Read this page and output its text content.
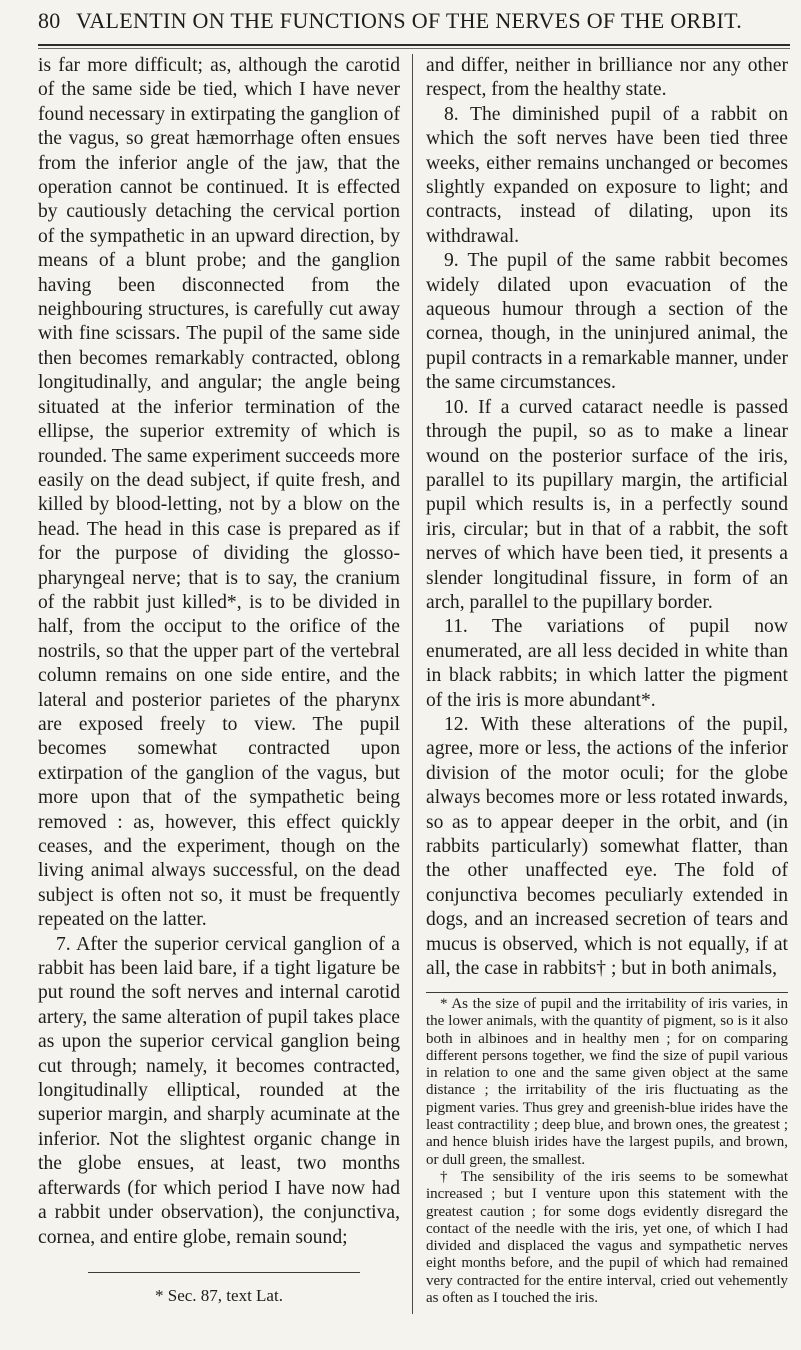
80 VALENTIN ON THE FUNCTIONS OF THE NERVES OF THE ORBIT.

is far more difficult; as, although the carotid of the same side be tied, which I have never found necessary in extirpating the ganglion of the vagus, so great hæmorrhage often ensues from the inferior angle of the jaw, that the operation cannot be continued. It is effected by cautiously detaching the cervical portion of the sympathetic in an upward direction, by means of a blunt probe; and the ganglion having been disconnected from the neighbouring structures, is carefully cut away with fine scissars. The pupil of the same side then becomes remarkably contracted, oblong longitudinally, and angular; the angle being situated at the inferior termination of the ellipse, the superior extremity of which is rounded. The same experiment succeeds more easily on the dead subject, if quite fresh, and killed by blood-letting, not by a blow on the head. The head in this case is prepared as if for the purpose of dividing the glosso-pharyngeal nerve; that is to say, the cranium of the rabbit just killed*, is to be divided in half, from the occiput to the orifice of the nostrils, so that the upper part of the vertebral column remains on one side entire, and the lateral and posterior parietes of the pharynx are exposed freely to view. The pupil becomes somewhat contracted upon extirpation of the ganglion of the vagus, but more upon that of the sympathetic being removed : as, however, this effect quickly ceases, and the experiment, though on the living animal always successful, on the dead subject is often not so, it must be frequently repeated on the latter.

7. After the superior cervical ganglion of a rabbit has been laid bare, if a tight ligature be put round the soft nerves and internal carotid artery, the same alteration of pupil takes place as upon the superior cervical ganglion being cut through; namely, it becomes contracted, longitudinally elliptical, rounded at the superior margin, and sharply acuminate at the inferior. Not the slightest organic change in the globe ensues, at least, two months afterwards (for which period I have now had a rabbit under observation), the conjunctiva, cornea, and entire globe, remain sound;

and differ, neither in brilliance nor any other respect, from the healthy state.

8. The diminished pupil of a rabbit on which the soft nerves have been tied three weeks, either remains unchanged or becomes slightly expanded on exposure to light; and contracts, instead of dilating, upon its withdrawal.

9. The pupil of the same rabbit becomes widely dilated upon evacuation of the aqueous humour through a section of the cornea, though, in the uninjured animal, the pupil contracts in a remarkable manner, under the same circumstances.

10. If a curved cataract needle is passed through the pupil, so as to make a linear wound on the posterior surface of the iris, parallel to its pupillary margin, the artificial pupil which results is, in a perfectly sound iris, circular; but in that of a rabbit, the soft nerves of which have been tied, it presents a slender longitudinal fissure, in form of an arch, parallel to the pupillary border.

11. The variations of pupil now enumerated, are all less decided in white than in black rabbits; in which latter the pigment of the iris is more abundant*.

12. With these alterations of the pupil, agree, more or less, the actions of the inferior division of the motor oculi; for the globe always becomes more or less rotated inwards, so as to appear deeper in the orbit, and (in rabbits particularly) somewhat flatter, than the other unaffected eye. The fold of conjunctiva becomes peculiarly extended in dogs, and an increased secretion of tears and mucus is observed, which is not equally, if at all, the case in rabbits† ; but in both animals,

* Sec. 87, text Lat.

* As the size of pupil and the irritability of iris varies, in the lower animals, with the quantity of pigment, so is it also both in albinoes and in healthy men ; for on comparing different persons together, we find the size of pupil various in relation to one and the same given object at the same distance ; the irritability of the iris fluctuating as the pigment varies. Thus grey and greenish-blue irides have the least contractility ; deep blue, and brown ones, the greatest ; and hence bluish irides have the largest pupils, and brown, or dull green, the smallest.

† The sensibility of the iris seems to be somewhat increased ; but I venture upon this statement with the greatest caution ; for some dogs evidently disregard the contact of the needle with the iris, yet one, of which I had divided and displaced the vagus and sympathetic nerves eight months before, and the pupil of which had remained very contracted for the entire interval, cried out vehemently as often as I touched the iris.
